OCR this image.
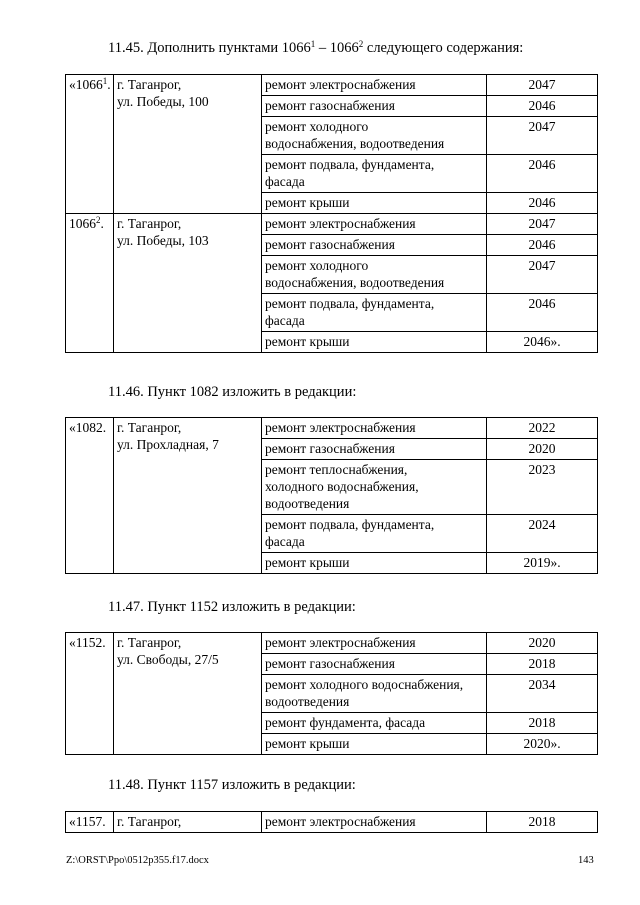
11.45. Дополнить пунктами 1066$^1$ – 1066$^2$ следующего содержания:
«1066$^1$.	г. Таганрог,
ул. Победы, 100	ремонт электроснабжения	2047

		ремонт газоснабжения	2046

		ремонт холодного
водоснабжения, водоотведения	2047

		ремонт подвала, фундамента,
фасада	2046

		ремонт крыши	2046
1066$^2$.	г. Таганрог,
ул. Победы, 103	ремонт электроснабжения	2047

		ремонт газоснабжения	2046

		ремонт холодного
водоснабжения, водоотведения	2047

		ремонт подвала, фундамента,
фасада	2046

		ремонт крыши	2046».
11.46. Пункт 1082 изложить в редакции:
«1082.	г. Таганрог,
ул. Прохладная, 7	ремонт электроснабжения	2022

		ремонт газоснабжения	2020

		ремонт теплоснабжения,
холодного водоснабжения,
водоотведения	2023

		ремонт подвала, фундамента,
фасада	2024

		ремонт крыши	2019».
11.47. Пункт 1152 изложить в редакции:
«1152.	г. Таганрог,
ул. Свободы, 27/5	ремонт электроснабжения	2020

		ремонт газоснабжения	2018

		ремонт холодного водоснабжения,
водоотведения	2034

		ремонт фундамента, фасада	2018

		ремонт крыши	2020».
11.48. Пункт 1157 изложить в редакции:
«1157.	г. Таганрог,	ремонт электроснабжения	2018
Z:\ORST\Ppo\0512p355.f17.docx	143
